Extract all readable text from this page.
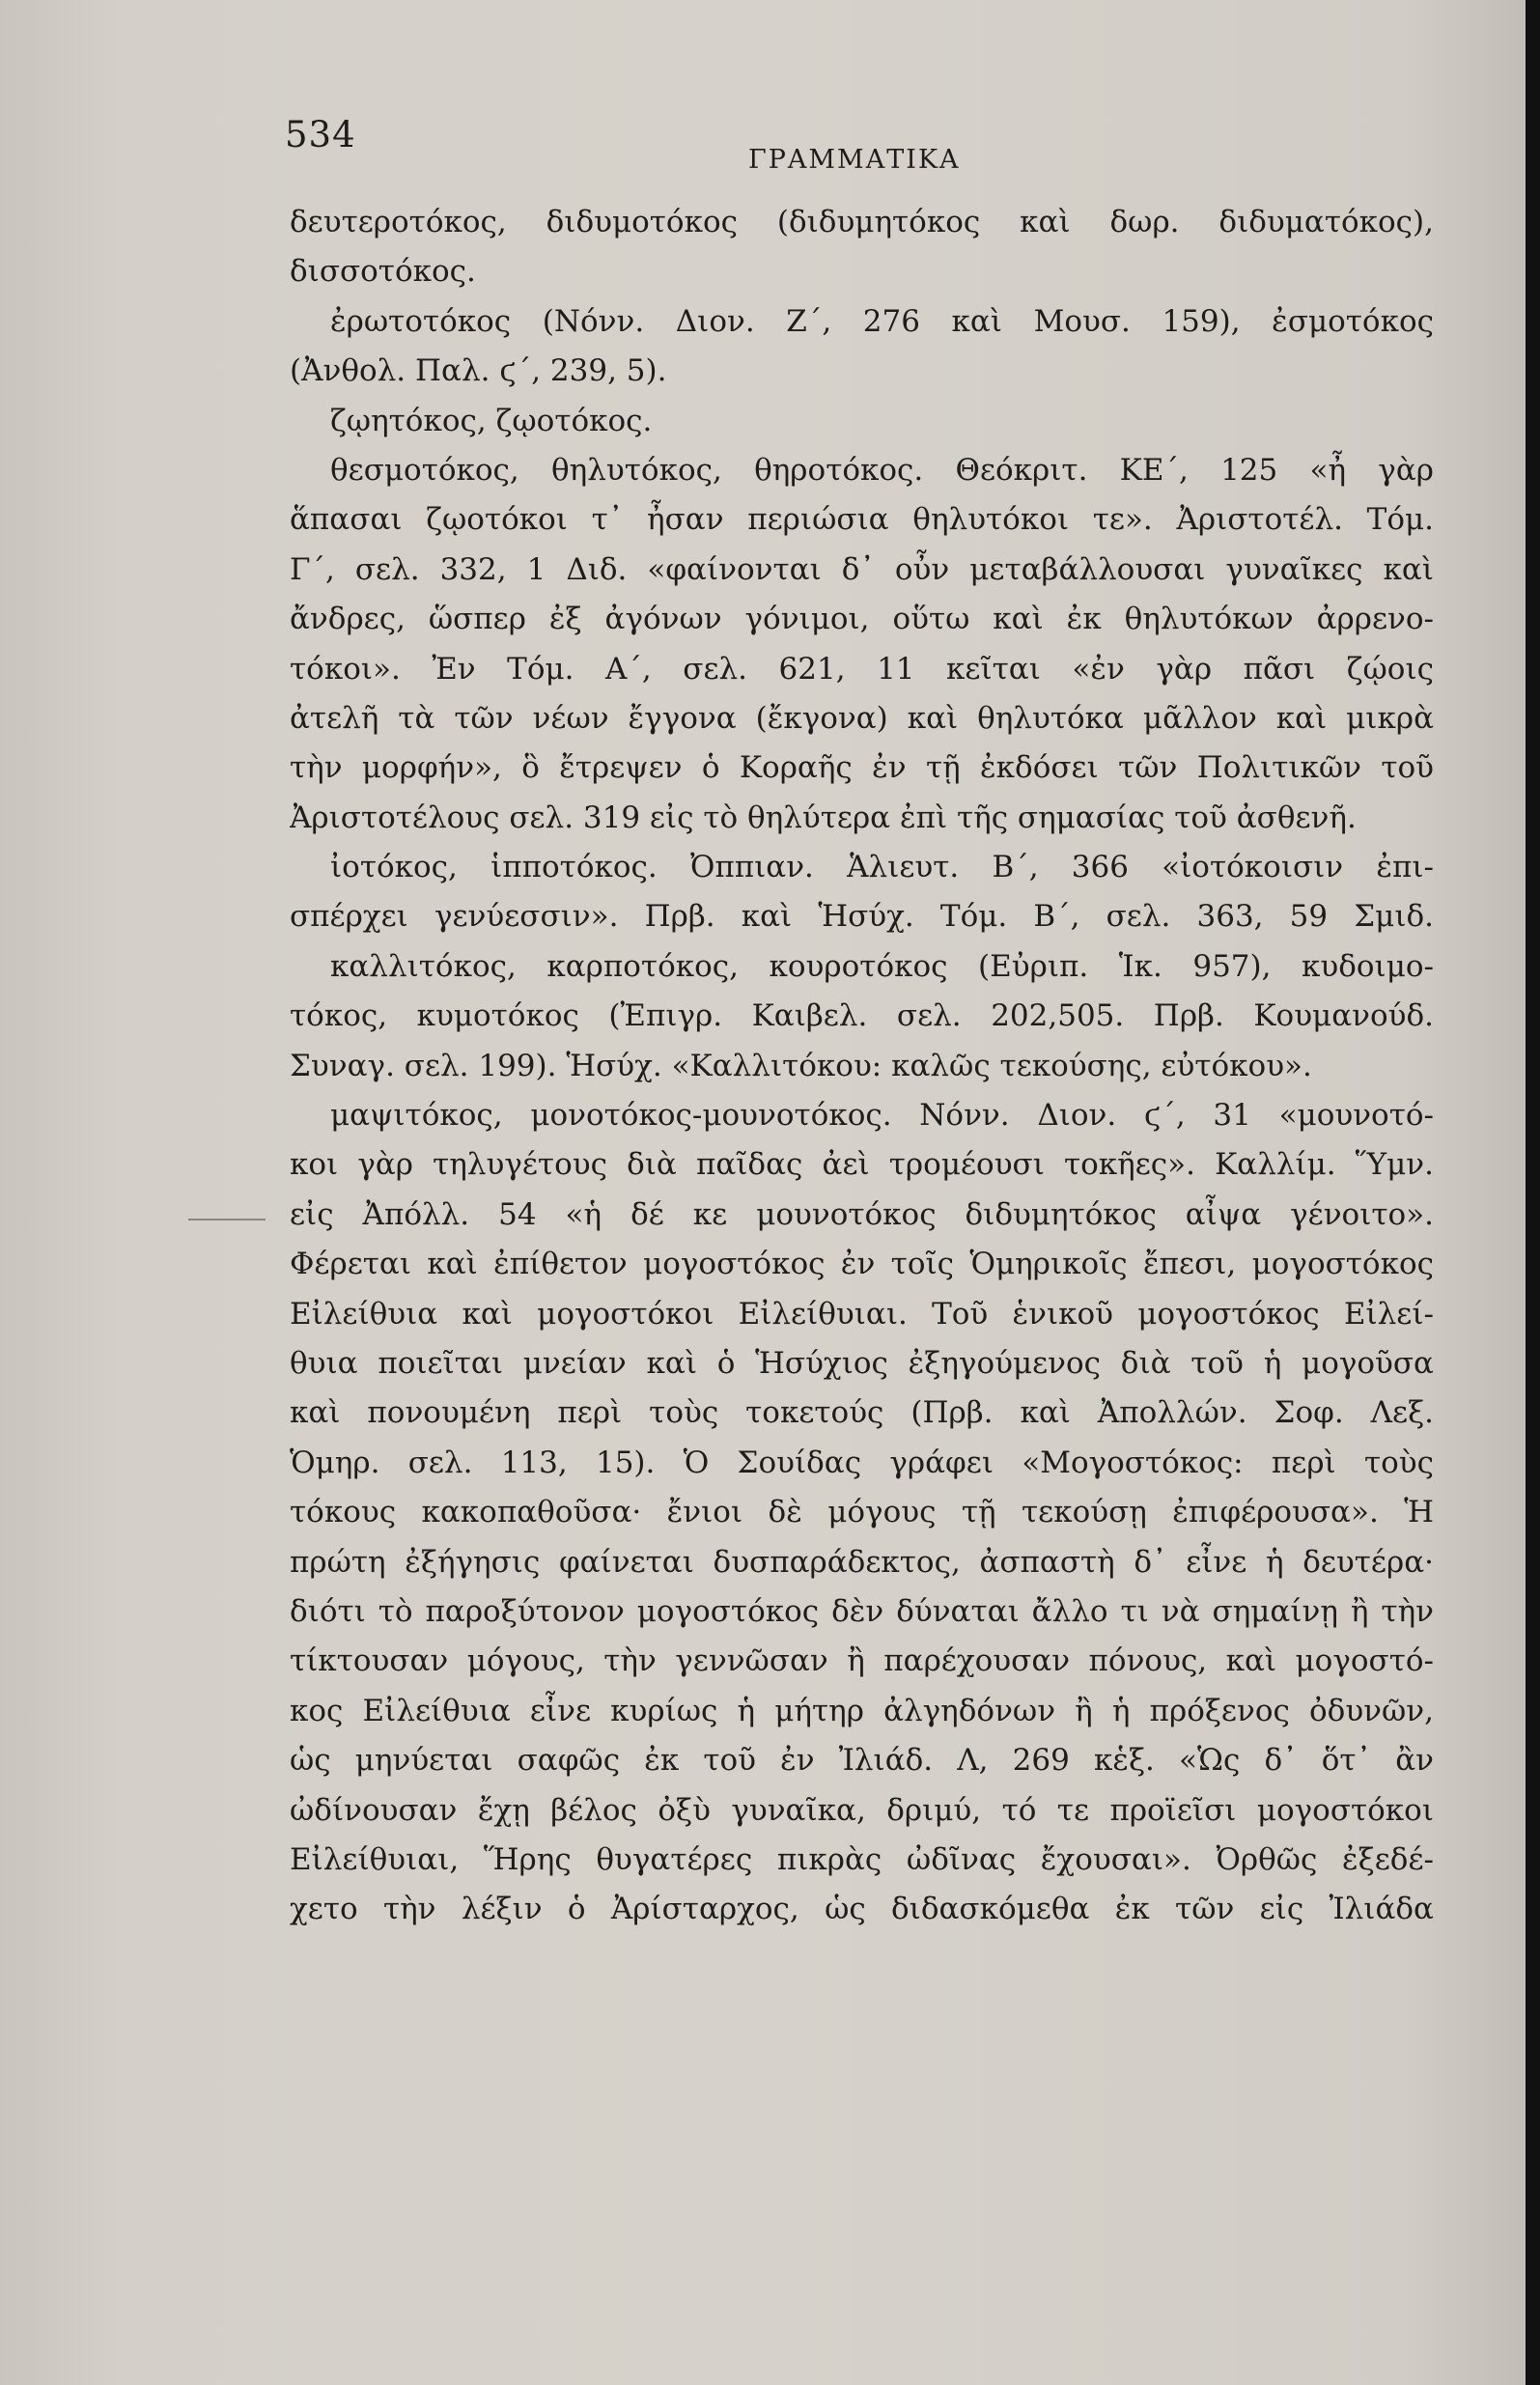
534
ΓΡΑΜΜΑΤΙΚΑ
δευτεροτόκος, διδυμοτόκος (διδυμητόκος καὶ δωρ. διδυματόκος),
δισσοτόκος.
ἐρωτοτόκος (Νόνν. Διον. Ζ΄, 276 καὶ Μουσ. 159), ἐσμοτόκος
(Ἀνθολ. Παλ. ϛ΄, 239, 5).
ζῳητόκος, ζῳοτόκος.
θεσμοτόκος, θηλυτόκος, θηροτόκος. Θεόκριτ. ΚΕ΄, 125 «ἦ γὰρ
ἅπασαι ζῳοτόκοι τ᾽ ἦσαν περιώσια θηλυτόκοι τε». Ἀριστοτέλ. Τόμ.
Γ΄, σελ. 332, 1 Διδ. «φαίνονται δ᾽ οὖν μεταβάλλουσαι γυναῖκες καὶ
ἄνδρες, ὥσπερ ἐξ ἀγόνων γόνιμοι, οὕτω καὶ ἐκ θηλυτόκων ἀρρενο-
τόκοι». Ἐν Τόμ. Α΄, σελ. 621, 11 κεῖται «ἐν γὰρ πᾶσι ζῴοις
ἀτελῆ τὰ τῶν νέων ἔγγονα (ἔκγονα) καὶ θηλυτόκα μᾶλλον καὶ μικρὰ
τὴν μορφήν», ὃ ἔτρεψεν ὁ Κοραῆς ἐν τῇ ἐκδόσει τῶν Πολιτικῶν τοῦ
Ἀριστοτέλους σελ. 319 εἰς τὸ θηλύτερα ἐπὶ τῆς σημασίας τοῦ ἀσθενῆ.
ἰοτόκος, ἱπποτόκος. Ὀππιαν. Ἁλιευτ. Β΄, 366 «ἰοτόκοισιν ἐπι-
σπέρχει γενύεσσιν». Πρβ. καὶ Ἡσύχ. Τόμ. Β΄, σελ. 363, 59 Σμιδ.
καλλιτόκος, καρποτόκος, κουροτόκος (Εὐριπ. Ἱκ. 957), κυδοιμο-
τόκος, κυμοτόκος (Ἐπιγρ. Καιβελ. σελ. 202,505. Πρβ. Κουμανούδ.
Συναγ. σελ. 199). Ἡσύχ. «Καλλιτόκου: καλῶς τεκούσης, εὐτόκου».
μαψιτόκος, μονοτόκος-μουνοτόκος. Νόνν. Διον. ϛ΄, 31 «μουνοτό-
κοι γὰρ τηλυγέτους διὰ παῖδας ἀεὶ τρομέουσι τοκῆες». Καλλίμ. Ὕμν.
εἰς Ἀπόλλ. 54 «ἡ δέ κε μουνοτόκος διδυμητόκος αἶψα γένοιτο».
Φέρεται καὶ ἐπίθετον μογοστόκος ἐν τοῖς Ὁμηρικοῖς ἔπεσι, μογοστόκος
Εἰλείθυια καὶ μογοστόκοι Εἰλείθυιαι. Τοῦ ἑνικοῦ μογοστόκος Εἰλεί-
θυια ποιεῖται μνείαν καὶ ὁ Ἡσύχιος ἐξηγούμενος διὰ τοῦ ἡ μογοῦσα
καὶ πονουμένη περὶ τοὺς τοκετούς (Πρβ. καὶ Ἀπολλών. Σοφ. Λεξ.
Ὁμηρ. σελ. 113, 15). Ὁ Σουίδας γράφει «Μογοστόκος: περὶ τοὺς
τόκους κακοπαθοῦσα· ἔνιοι δὲ μόγους τῇ τεκούσῃ ἐπιφέρουσα». Ἡ
πρώτη ἐξήγησις φαίνεται δυσπαράδεκτος, ἀσπαστὴ δ᾽ εἶνε ἡ δευτέρα·
διότι τὸ παροξύτονον μογοστόκος δὲν δύναται ἄλλο τι νὰ σημαίνῃ ἢ τὴν
τίκτουσαν μόγους, τὴν γεννῶσαν ἢ παρέχουσαν πόνους, καὶ μογοστό-
κος Εἰλείθυια εἶνε κυρίως ἡ μήτηρ ἀλγηδόνων ἢ ἡ πρόξενος ὀδυνῶν,
ὡς μηνύεται σαφῶς ἐκ τοῦ ἐν Ἰλιάδ. Λ, 269 κἑξ. «Ὡς δ᾽ ὅτ᾽ ἂν
ὠδίνουσαν ἔχῃ βέλος ὀξὺ γυναῖκα, δριμύ, τό τε προϊεῖσι μογοστόκοι
Εἰλείθυιαι, Ἥρης θυγατέρες πικρὰς ὠδῖνας ἔχουσαι». Ὀρθῶς ἐξεδέ-
χετο τὴν λέξιν ὁ Ἀρίσταρχος, ὡς διδασκόμεθα ἐκ τῶν εἰς Ἰλιάδα
